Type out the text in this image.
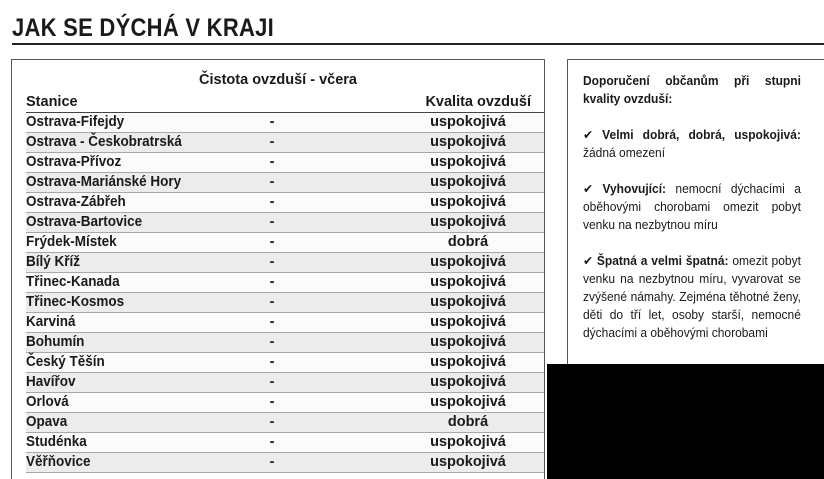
JAK SE DÝCHÁ V KRAJI
Čistota ovzduší - včera
Stanice	Kvalita ovzduší
Ostrava-Fifejdy	-	uspokojivá
Ostrava - Českobratrská	-	uspokojivá
Ostrava-Přívoz	-	uspokojivá
Ostrava-Mariánské Hory	-	uspokojivá
Ostrava-Zábřeh	-	uspokojivá
Ostrava-Bartovice	-	uspokojivá
Frýdek-Místek	-	dobrá
Bílý Kříž	-	uspokojivá
Třinec-Kanada	-	uspokojivá
Třinec-Kosmos	-	uspokojivá
Karviná	-	uspokojivá
Bohumín	-	uspokojivá
Český Těšín	-	uspokojivá
Havířov	-	uspokojivá
Orlová	-	uspokojivá
Opava	-	dobrá
Studénka	-	uspokojivá
Věřňovice	-	uspokojivá
Doporučení občanům při stupni kvality ovzduší:
✔ Velmi dobrá, dobrá, uspokojivá: žádná omezení
✔ Vyhovující: nemocní dýchacími a oběhovými chorobami omezit pobyt venku na nezbytnou míru
✔ Špatná a velmi špatná: omezit pobyt venku na nezbytnou míru, vyvarovat se zvýšené námahy. Zejména těhotné ženy, děti do tří let, osoby starší, nemocné dýchacími a oběhovými chorobami
